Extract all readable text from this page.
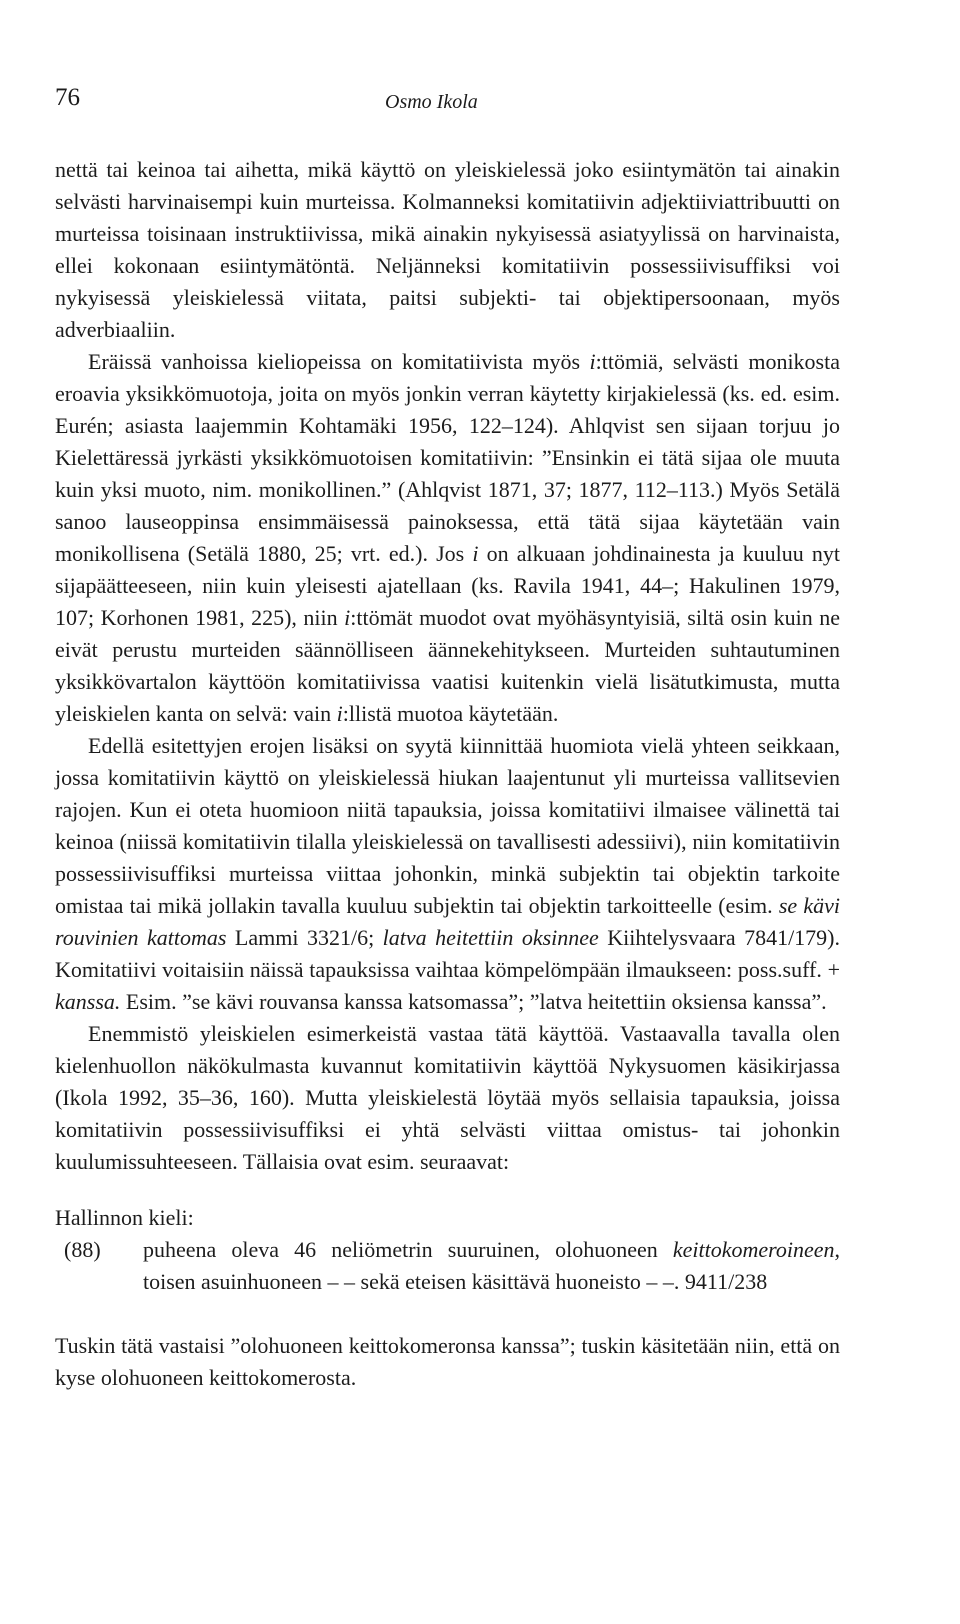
76	Osmo Ikola

nettä tai keinoa tai aihetta, mikä käyttö on yleiskielessä joko esiintymätön tai ainakin selvästi harvinaisempi kuin murteissa. Kolmanneksi komitatiivin adjektiiviattribuutti on murteissa toisinaan instruktiivissa, mikä ainakin nykyisessä asiatyylissä on harvinaista, ellei kokonaan esiintymätöntä. Neljänneksi komitatiivin possessiivisuffiksi voi nykyisessä yleiskielessä viitata, paitsi subjekti- tai objektipersoonaan, myös adverbiaaliin.

Eräissä vanhoissa kieliopeissa on komitatiivista myös i:ttömiä, selvästi monikosta eroavia yksikkömuotoja, joita on myös jonkin verran käytetty kirjakielessä (ks. ed. esim. Eurén; asiasta laajemmin Kohtamäki 1956, 122–124). Ahlqvist sen sijaan torjuu jo Kielettäressä jyrkästi yksikkömuotoisen komitatiivin: ”Ensinkin ei tätä sijaa ole muuta kuin yksi muoto, nim. monikollinen.” (Ahlqvist 1871, 37; 1877, 112–113.) Myös Setälä sanoo lauseoppinsa ensimmäisessä painoksessa, että tätä sijaa käytetään vain monikollisena (Setälä 1880, 25; vrt. ed.). Jos i on alkuaan johdinainesta ja kuuluu nyt sijapäätteeseen, niin kuin yleisesti ajatellaan (ks. Ravila 1941, 44–; Hakulinen 1979, 107; Korhonen 1981, 225), niin i:ttömät muodot ovat myöhäsyntyisiä, siltä osin kuin ne eivät perustu murteiden säännölliseen äännekehitykseen. Murteiden suhtautuminen yksikkövartalon käyttöön komitatiivissa vaatisi kuitenkin vielä lisätutkimusta, mutta yleiskielen kanta on selvä: vain i:llistä muotoa käytetään.

Edellä esitettyjen erojen lisäksi on syytä kiinnittää huomiota vielä yhteen seikkaan, jossa komitatiivin käyttö on yleiskielessä hiukan laajentunut yli murteissa vallitsevien rajojen. Kun ei oteta huomioon niitä tapauksia, joissa komitatiivi ilmaisee välinettä tai keinoa (niissä komitatiivin tilalla yleiskielessä on tavallisesti adessiivi), niin komitatiivin possessiivisuffiksi murteissa viittaa johonkin, minkä subjektin tai objektin tarkoite omistaa tai mikä jollakin tavalla kuuluu subjektin tai objektin tarkoitteelle (esim. se kävi rouvinien kattomas Lammi 3321/6; latva heitettiin oksinnee Kiihtelysvaara 7841/179). Komitatiivi voitaisiin näissä tapauksissa vaihtaa kömpelömpään ilmaukseen: poss.suff. + kanssa. Esim. ”se kävi rouvansa kanssa katsomassa”; ”latva heitettiin oksiensa kanssa”.

Enemmistö yleiskielen esimerkeistä vastaa tätä käyttöä. Vastaavalla tavalla olen kielenhuollon näkökulmasta kuvannut komitatiivin käyttöä Nykysuomen käsikirjassa (Ikola 1992, 35–36, 160). Mutta yleiskielestä löytää myös sellaisia tapauksia, joissa komitatiivin possessiivisuffiksi ei yhtä selvästi viittaa omistus- tai johonkin kuulumissuhteeseen. Tällaisia ovat esim. seuraavat:

Hallinnon kieli:

(88) puheena oleva 46 neliömetrin suuruinen, olohuoneen keittokomeroineen, toisen asuinhuoneen – – sekä eteisen käsittävä huoneisto – –. 9411/238

Tuskin tätä vastaisi ”olohuoneen keittokomeronsa kanssa”; tuskin käsitetään niin, että on kyse olohuoneen keittokomerosta.
